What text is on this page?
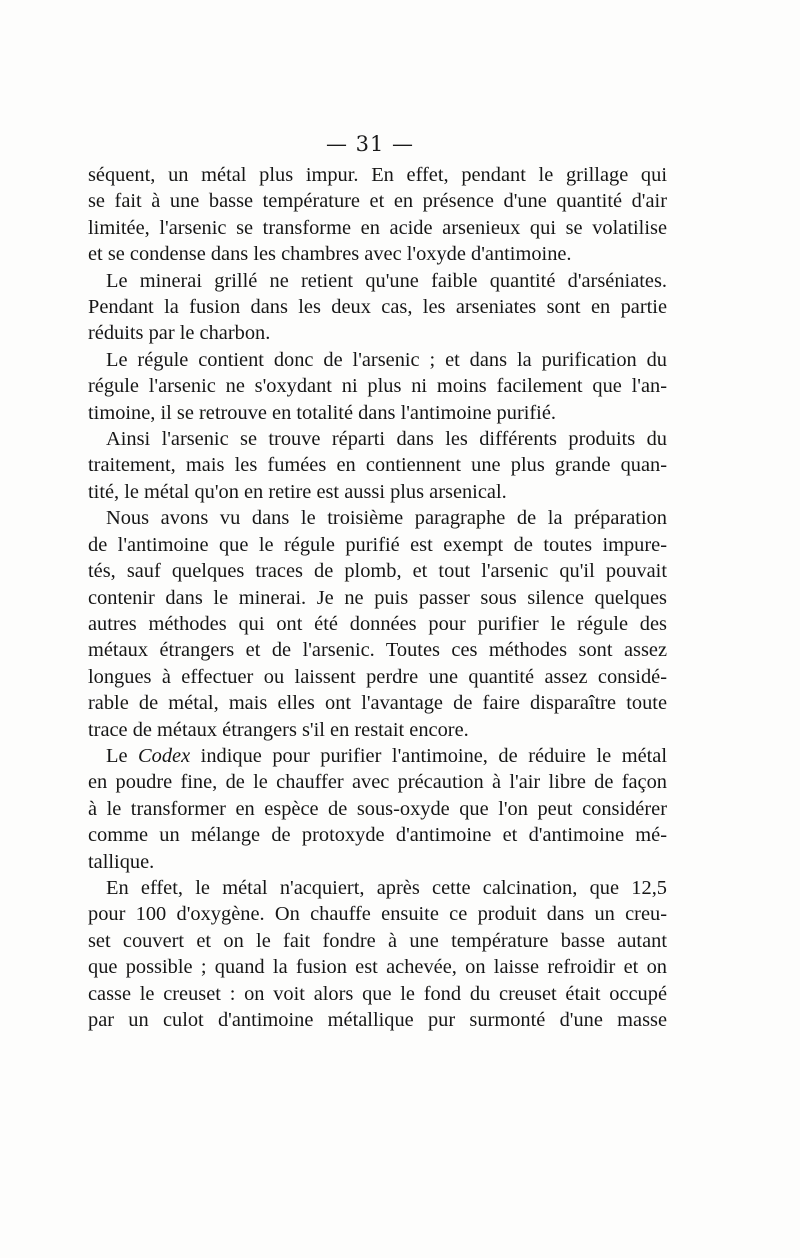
— 31 —
séquent, un métal plus impur. En effet, pendant le grillage qui
se fait à une basse température et en présence d'une quantité d'air
limitée, l'arsenic se transforme en acide arsenieux qui se volatilise
et se condense dans les chambres avec l'oxyde d'antimoine.
Le minerai grillé ne retient qu'une faible quantité d'arséniates.
Pendant la fusion dans les deux cas, les arseniates sont en partie
réduits par le charbon.
Le régule contient donc de l'arsenic ; et dans la purification du
régule l'arsenic ne s'oxydant ni plus ni moins facilement que l'an-
timoine, il se retrouve en totalité dans l'antimoine purifié.
Ainsi l'arsenic se trouve réparti dans les différents produits du
traitement, mais les fumées en contiennent une plus grande quan-
tité, le métal qu'on en retire est aussi plus arsenical.
Nous avons vu dans le troisième paragraphe de la préparation
de l'antimoine que le régule purifié est exempt de toutes impure-
tés, sauf quelques traces de plomb, et tout l'arsenic qu'il pouvait
contenir dans le minerai. Je ne puis passer sous silence quelques
autres méthodes qui ont été données pour purifier le régule des
métaux étrangers et de l'arsenic. Toutes ces méthodes sont assez
longues à effectuer ou laissent perdre une quantité assez considé-
rable de métal, mais elles ont l'avantage de faire disparaître toute
trace de métaux étrangers s'il en restait encore.
Le Codex indique pour purifier l'antimoine, de réduire le métal
en poudre fine, de le chauffer avec précaution à l'air libre de façon
à le transformer en espèce de sous-oxyde que l'on peut considérer
comme un mélange de protoxyde d'antimoine et d'antimoine mé-
tallique.
En effet, le métal n'acquiert, après cette calcination, que 12,5
pour 100 d'oxygène. On chauffe ensuite ce produit dans un creu-
set couvert et on le fait fondre à une température basse autant
que possible ; quand la fusion est achevée, on laisse refroidir et on
casse le creuset : on voit alors que le fond du creuset était occupé
par un culot d'antimoine métallique pur surmonté d'une masse
